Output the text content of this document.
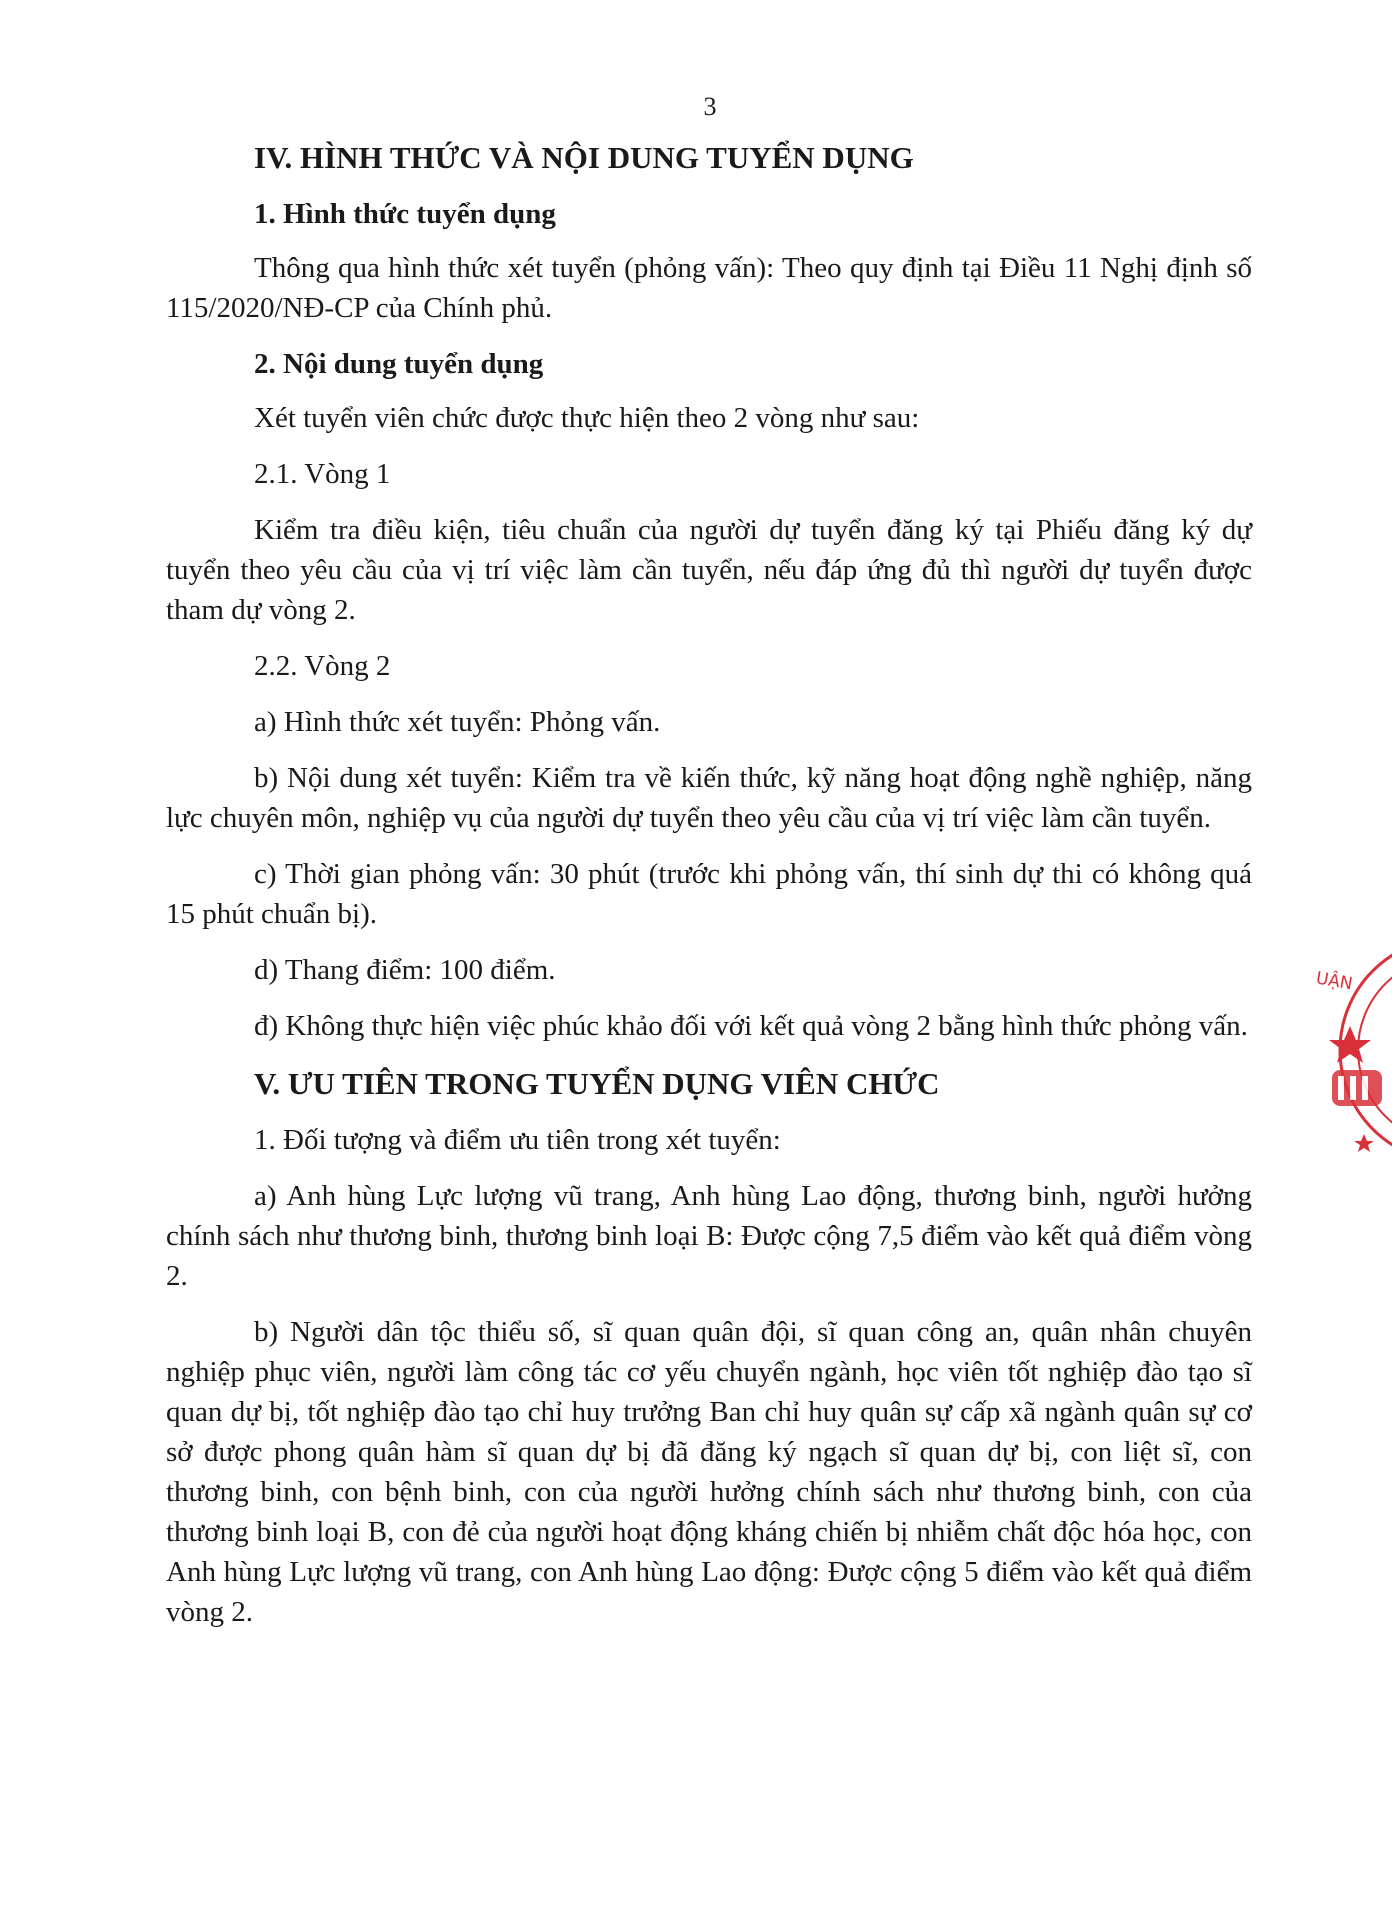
3
IV. HÌNH THỨC VÀ NỘI DUNG TUYỂN DỤNG
1. Hình thức tuyển dụng
Thông qua hình thức xét tuyển (phỏng vấn): Theo quy định tại Điều 11 Nghị định số 115/2020/NĐ-CP của Chính phủ.
2. Nội dung tuyển dụng
Xét tuyển viên chức được thực hiện theo 2 vòng như sau:
2.1. Vòng 1
Kiểm tra điều kiện, tiêu chuẩn của người dự tuyển đăng ký tại Phiếu đăng ký dự tuyển theo yêu cầu của vị trí việc làm cần tuyển, nếu đáp ứng đủ thì người dự tuyển được tham dự vòng 2.
2.2. Vòng 2
a) Hình thức xét tuyển: Phỏng vấn.
b) Nội dung xét tuyển: Kiểm tra về kiến thức, kỹ năng hoạt động nghề nghiệp, năng lực chuyên môn, nghiệp vụ của người dự tuyển theo yêu cầu của vị trí việc làm cần tuyển.
c) Thời gian phỏng vấn: 30 phút (trước khi phỏng vấn, thí sinh dự thi có không quá 15 phút chuẩn bị).
d) Thang điểm: 100 điểm.
đ) Không thực hiện việc phúc khảo đối với kết quả vòng 2 bằng hình thức phỏng vấn.
V. ƯU TIÊN TRONG TUYỂN DỤNG VIÊN CHỨC
1. Đối tượng và điểm ưu tiên trong xét tuyển:
a) Anh hùng Lực lượng vũ trang, Anh hùng Lao động, thương binh, người hưởng chính sách như thương binh, thương binh loại B: Được cộng 7,5 điểm vào kết quả điểm vòng 2.
b) Người dân tộc thiểu số, sĩ quan quân đội, sĩ quan công an, quân nhân chuyên nghiệp phục viên, người làm công tác cơ yếu chuyển ngành, học viên tốt nghiệp đào tạo sĩ quan dự bị, tốt nghiệp đào tạo chỉ huy trưởng Ban chỉ huy quân sự cấp xã ngành quân sự cơ sở được phong quân hàm sĩ quan dự bị đã đăng ký ngạch sĩ quan dự bị, con liệt sĩ, con thương binh, con bệnh binh, con của người hưởng chính sách như thương binh, con của thương binh loại B, con đẻ của người hoạt động kháng chiến bị nhiễm chất độc hóa học, con Anh hùng Lực lượng vũ trang, con Anh hùng Lao động: Được cộng 5 điểm vào kết quả điểm vòng 2.
UẬN
